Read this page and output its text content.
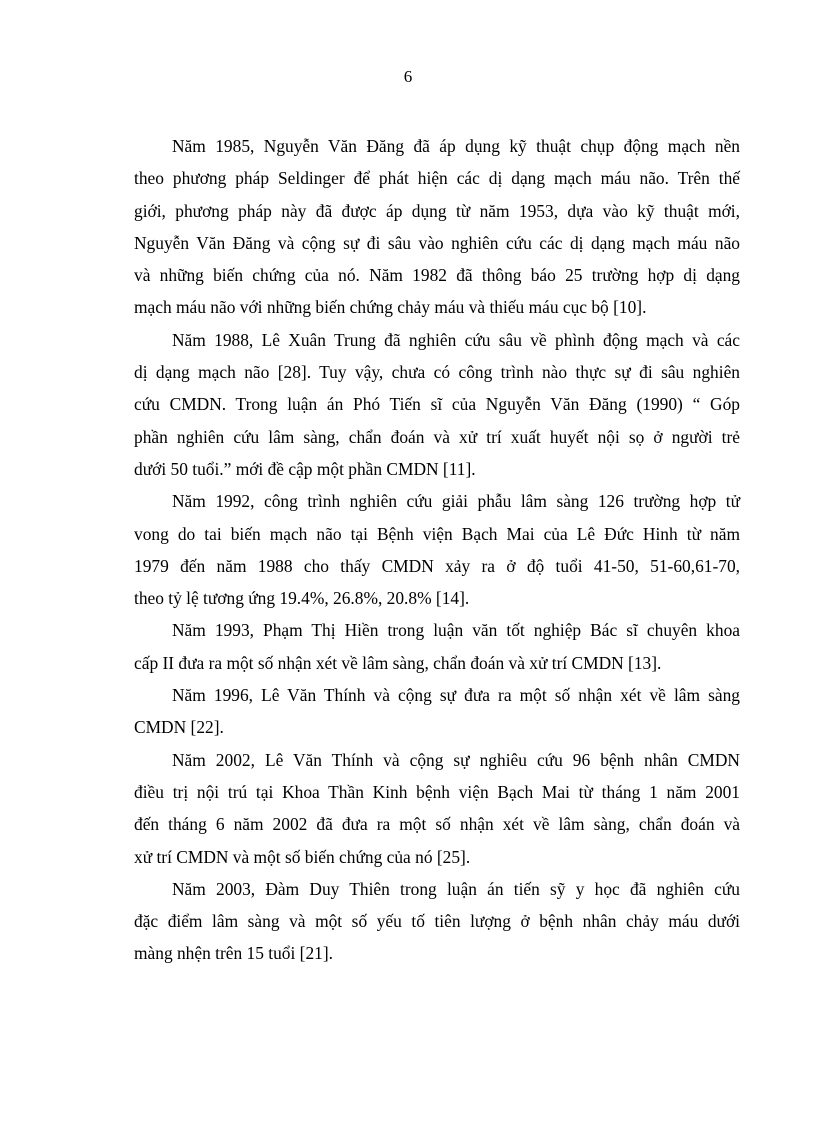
6
Năm 1985, Nguyễn Văn Đăng đã áp dụng kỹ thuật chụp động mạch nền
theo phương pháp Seldinger để phát hiện các dị dạng mạch máu não. Trên thế
giới, phương pháp này đã được áp dụng từ năm 1953, dựa vào kỹ thuật mới,
Nguyễn Văn Đăng và cộng sự đi sâu vào nghiên cứu các dị dạng mạch máu não
và những biến chứng của nó. Năm 1982 đã thông báo 25 trường hợp dị dạng
mạch máu não với những biến chứng chảy máu và thiếu máu cục bộ [10].
Năm 1988, Lê Xuân Trung đã nghiên cứu sâu về phình động mạch và các
dị dạng mạch não [28]. Tuy vậy, chưa có công trình nào thực sự đi sâu nghiên
cứu CMDN. Trong luận án Phó Tiến sĩ của Nguyễn Văn Đăng (1990) “ Góp
phần nghiên cứu lâm sàng, chẩn đoán và xử trí xuất huyết nội sọ ở người trẻ
dưới 50 tuổi.” mới đề cập một phần CMDN [11].
Năm 1992, công trình nghiên cứu giải phẫu lâm sàng 126 trường hợp tử
vong do tai biến mạch não tại Bệnh viện Bạch Mai của Lê Đức Hinh từ năm
1979 đến năm 1988 cho thấy CMDN xảy ra ở độ tuổi 41-50, 51-60,61-70,
theo tỷ lệ tương ứng 19.4%, 26.8%, 20.8% [14].
Năm 1993, Phạm Thị Hiền trong luận văn tốt nghiệp Bác sĩ chuyên khoa
cấp II đưa ra một số nhận xét về lâm sàng, chẩn đoán và xử trí CMDN [13].
Năm 1996, Lê Văn Thính và cộng sự đưa ra một số nhận xét về lâm sàng
CMDN [22].
Năm 2002, Lê Văn Thính và cộng sự nghiêu cứu 96 bệnh nhân CMDN
điều trị nội trú tại Khoa Thần Kinh bệnh viện Bạch Mai từ tháng 1 năm 2001
đến tháng 6 năm 2002 đã đưa ra một số nhận xét về lâm sàng, chẩn đoán và
xử trí CMDN và một số biến chứng của nó [25].
Năm 2003, Đàm Duy Thiên trong luận án tiến sỹ y học đã nghiên cứu
đặc điểm lâm sàng và một số yếu tố tiên lượng ở bệnh nhân chảy máu dưới
màng nhện trên 15 tuổi [21].
